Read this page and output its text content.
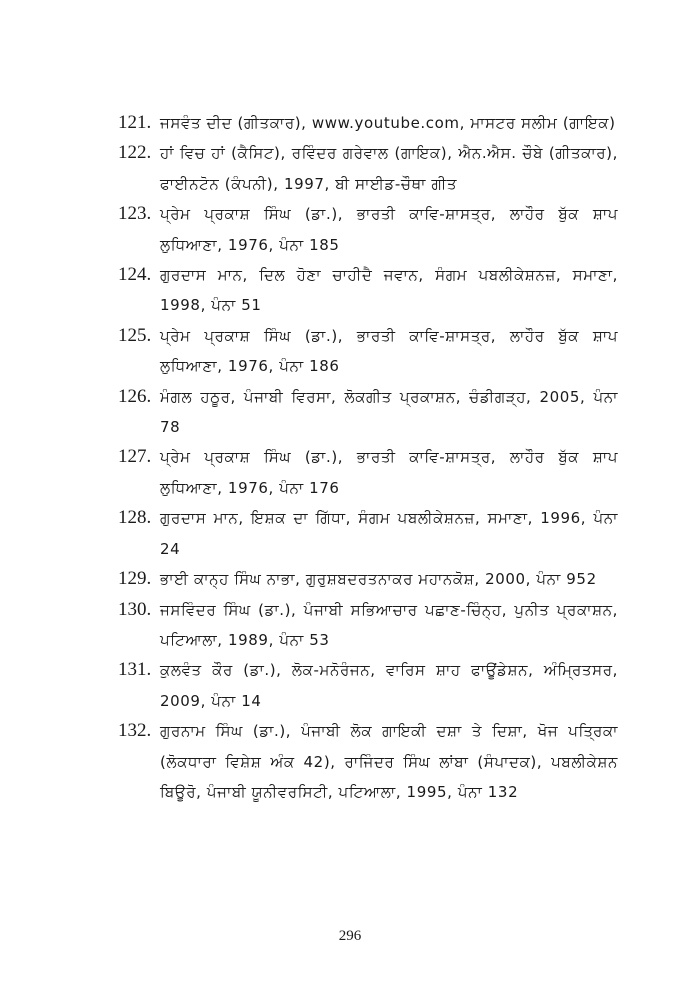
121. ਜਸਵੰਤ ਦੀਦ (ਗੀਤਕਾਰ), www.youtube.com, ਮਾਸਟਰ ਸਲੀਮ (ਗਾਇਕ)
122. ਹਾਂ ਵਿਚ ਹਾਂ (ਕੈਸਿਟ), ਰਵਿੰਦਰ ਗਰੇਵਾਲ (ਗਾਇਕ), ਐਨ.ਐਸ. ਚੌਬੇ (ਗੀਤਕਾਰ), ਫਾਈਨਟੋਨ (ਕੰਪਨੀ), 1997, ਬੀ ਸਾਈਡ-ਚੌਥਾ ਗੀਤ
123. ਪ੍ਰੇਮ ਪ੍ਰਕਾਸ਼ ਸਿੰਘ (ਡਾ.), ਭਾਰਤੀ ਕਾਵਿ-ਸ਼ਾਸਤ੍ਰ, ਲਾਹੌਰ ਬੁੱਕ ਸ਼ਾਪ ਲੁਧਿਆਣਾ, 1976, ਪੰਨਾ 185
124. ਗੁਰਦਾਸ ਮਾਨ, ਦਿਲ ਹੋਣਾ ਚਾਹੀਦੈ ਜਵਾਨ, ਸੰਗਮ ਪਬਲੀਕੇਸ਼ਨਜ਼, ਸਮਾਣਾ, 1998, ਪੰਨਾ 51
125. ਪ੍ਰੇਮ ਪ੍ਰਕਾਸ਼ ਸਿੰਘ (ਡਾ.), ਭਾਰਤੀ ਕਾਵਿ-ਸ਼ਾਸਤ੍ਰ, ਲਾਹੌਰ ਬੁੱਕ ਸ਼ਾਪ ਲੁਧਿਆਣਾ, 1976, ਪੰਨਾ 186
126. ਮੰਗਲ ਹਠੂਰ, ਪੰਜਾਬੀ ਵਿਰਸਾ, ਲੋਕਗੀਤ ਪ੍ਰਕਾਸ਼ਨ, ਚੰਡੀਗੜ੍ਹ, 2005, ਪੰਨਾ 78
127. ਪ੍ਰੇਮ ਪ੍ਰਕਾਸ਼ ਸਿੰਘ (ਡਾ.), ਭਾਰਤੀ ਕਾਵਿ-ਸ਼ਾਸਤ੍ਰ, ਲਾਹੌਰ ਬੁੱਕ ਸ਼ਾਪ ਲੁਧਿਆਣਾ, 1976, ਪੰਨਾ 176
128. ਗੁਰਦਾਸ ਮਾਨ, ਇਸ਼ਕ ਦਾ ਗਿੱਧਾ, ਸੰਗਮ ਪਬਲੀਕੇਸ਼ਨਜ਼, ਸਮਾਣਾ, 1996, ਪੰਨਾ 24
129. ਭਾਈ ਕਾਨ੍ਹ ਸਿੰਘ ਨਾਭਾ, ਗੁਰੁਸ਼ਬਦਰਤਨਾਕਰ ਮਹਾਨਕੋਸ਼, 2000, ਪੰਨਾ 952
130. ਜਸਵਿੰਦਰ ਸਿੰਘ (ਡਾ.), ਪੰਜਾਬੀ ਸਭਿਆਚਾਰ ਪਛਾਣ-ਚਿੰਨ੍ਹ, ਪੁਨੀਤ ਪ੍ਰਕਾਸ਼ਨ, ਪਟਿਆਲਾ, 1989, ਪੰਨਾ 53
131. ਕੁਲਵੰਤ ਕੌਰ (ਡਾ.), ਲੋਕ-ਮਨੋਰੰਜਨ, ਵਾਰਿਸ ਸ਼ਾਹ ਫਾਊਂਡੇਸ਼ਨ, ਅੰਮ੍ਰਿਤਸਰ, 2009, ਪੰਨਾ 14
132. ਗੁਰਨਾਮ ਸਿੰਘ (ਡਾ.), ਪੰਜਾਬੀ ਲੋਕ ਗਾਇਕੀ ਦਸ਼ਾ ਤੇ ਦਿਸ਼ਾ, ਖੋਜ ਪਤ੍ਰਿਕਾ (ਲੋਕਧਾਰਾ ਵਿਸ਼ੇਸ਼ ਅੰਕ 42), ਰਾਜਿੰਦਰ ਸਿੰਘ ਲਾਂਬਾ (ਸੰਪਾਦਕ), ਪਬਲੀਕੇਸ਼ਨ ਬਿਊਰੋ, ਪੰਜਾਬੀ ਯੂਨੀਵਰਸਿਟੀ, ਪਟਿਆਲਾ, 1995, ਪੰਨਾ 132
296
